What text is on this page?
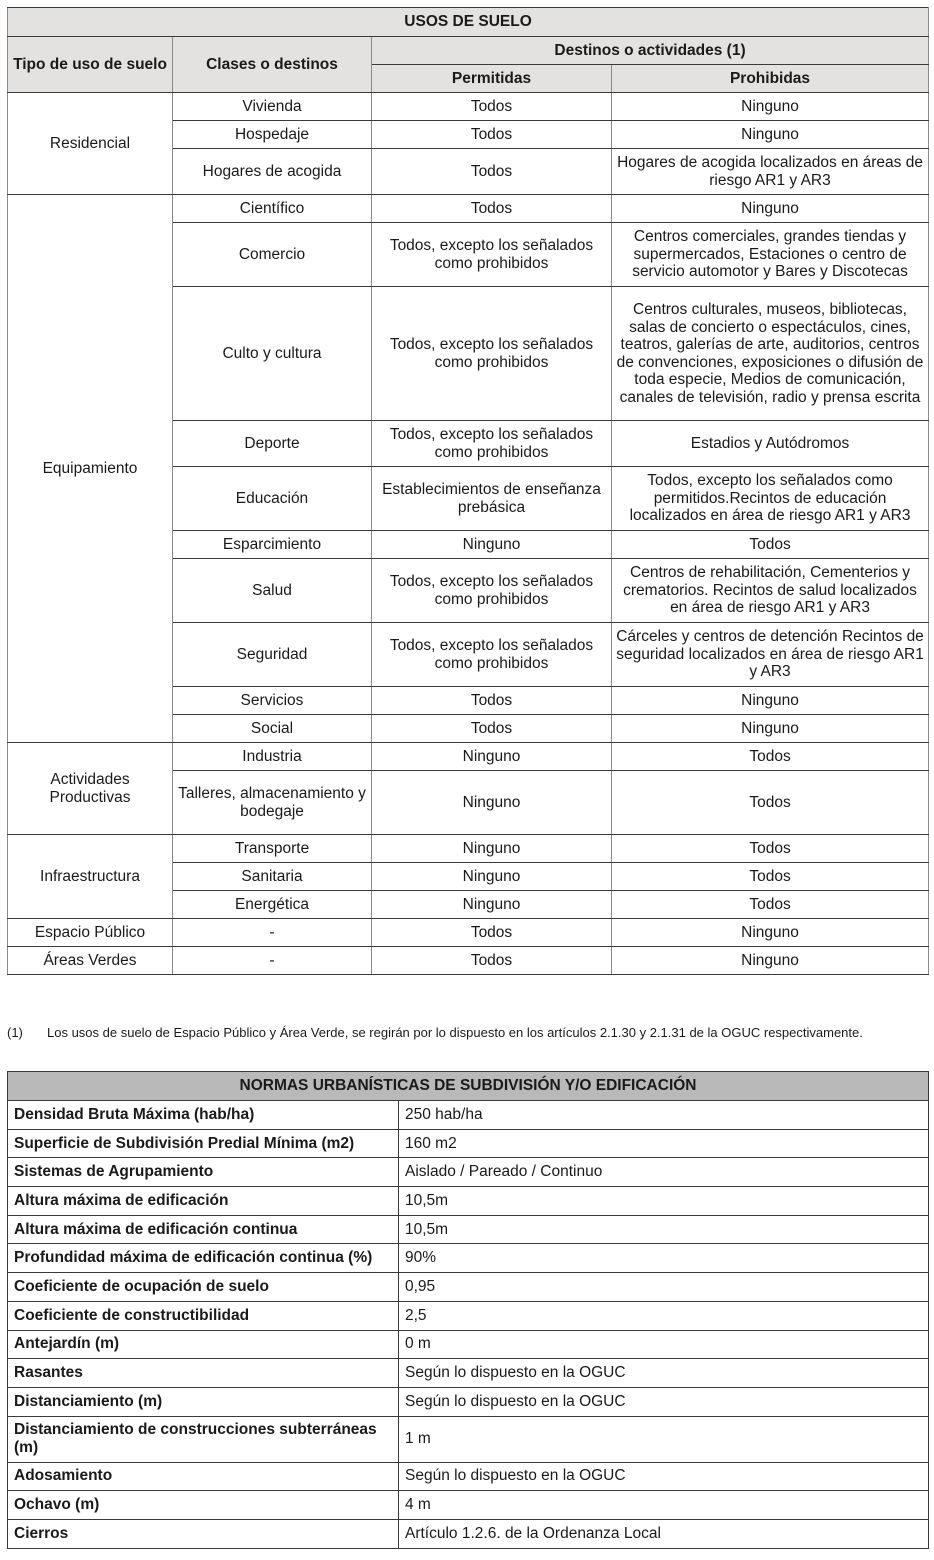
USOS DE SUELO			
Tipo de uso de suelo	Clases o destinos	Destinos o actividades (1)	
		Permitidas	Prohibidas
Residencial	Vivienda	Todos	Ninguno
	Hospedaje	Todos	Ninguno
	Hogares de acogida	Todos	Hogares de acogida localizados en áreas de riesgo AR1 y AR3
Equipamiento	Científico	Todos	Ninguno
	Comercio	Todos, excepto los señalados como prohibidos	Centros comerciales, grandes tiendas y supermercados, Estaciones o centro de servicio automotor y Bares y Discotecas
	Culto y cultura	Todos, excepto los señalados como prohibidos	Centros culturales, museos, bibliotecas, salas de concierto o espectáculos, cines, teatros, galerías de arte, auditorios, centros de convenciones, exposiciones o difusión de toda especie, Medios de comunicación, canales de televisión, radio y prensa escrita
	Deporte	Todos, excepto los señalados como prohibidos	Estadios y Autódromos
	Educación	Establecimientos de enseñanza prebásica	Todos, excepto los señalados como permitidos.Recintos de educación localizados en área de riesgo AR1 y AR3
	Esparcimiento	Ninguno	Todos
	Salud	Todos, excepto los señalados como prohibidos	Centros de rehabilitación, Cementerios y crematorios. Recintos de salud localizados en área de riesgo AR1 y AR3
	Seguridad	Todos, excepto los señalados como prohibidos	Cárceles y centros de detención Recintos de seguridad localizados en área de riesgo AR1 y AR3
	Servicios	Todos	Ninguno
	Social	Todos	Ninguno
Actividades Productivas	Industria	Ninguno	Todos
	Talleres, almacenamiento y bodegaje	Ninguno	Todos
Infraestructura	Transporte	Ninguno	Todos
	Sanitaria	Ninguno	Todos
	Energética	Ninguno	Todos
Espacio Público	-	Todos	Ninguno
Áreas Verdes	-	Todos	Ninguno
(1) Los usos de suelo de Espacio Público y Área Verde, se regirán por lo dispuesto en los artículos 2.1.30 y 2.1.31 de la OGUC respectivamente.
NORMAS URBANÍSTICAS DE SUBDIVISIÓN Y/O EDIFICACIÓN	
Densidad Bruta Máxima (hab/ha)	250 hab/ha
Superficie de Subdivisión Predial Mínima (m2)	160 m2
Sistemas de Agrupamiento	Aislado / Pareado / Continuo
Altura máxima de edificación	10,5m
Altura máxima de edificación continua	10,5m
Profundidad máxima de edificación continua (%)	90%
Coeficiente de ocupación de suelo	0,95
Coeficiente de constructibilidad	2,5
Antejardín (m)	0 m
Rasantes	Según lo dispuesto en la OGUC
Distanciamiento (m)	Según lo dispuesto en la OGUC
Distanciamiento de construcciones subterráneas (m)	1 m
Adosamiento	Según lo dispuesto en la OGUC
Ochavo (m)	4 m
Cierros	Artículo 1.2.6. de la Ordenanza Local
